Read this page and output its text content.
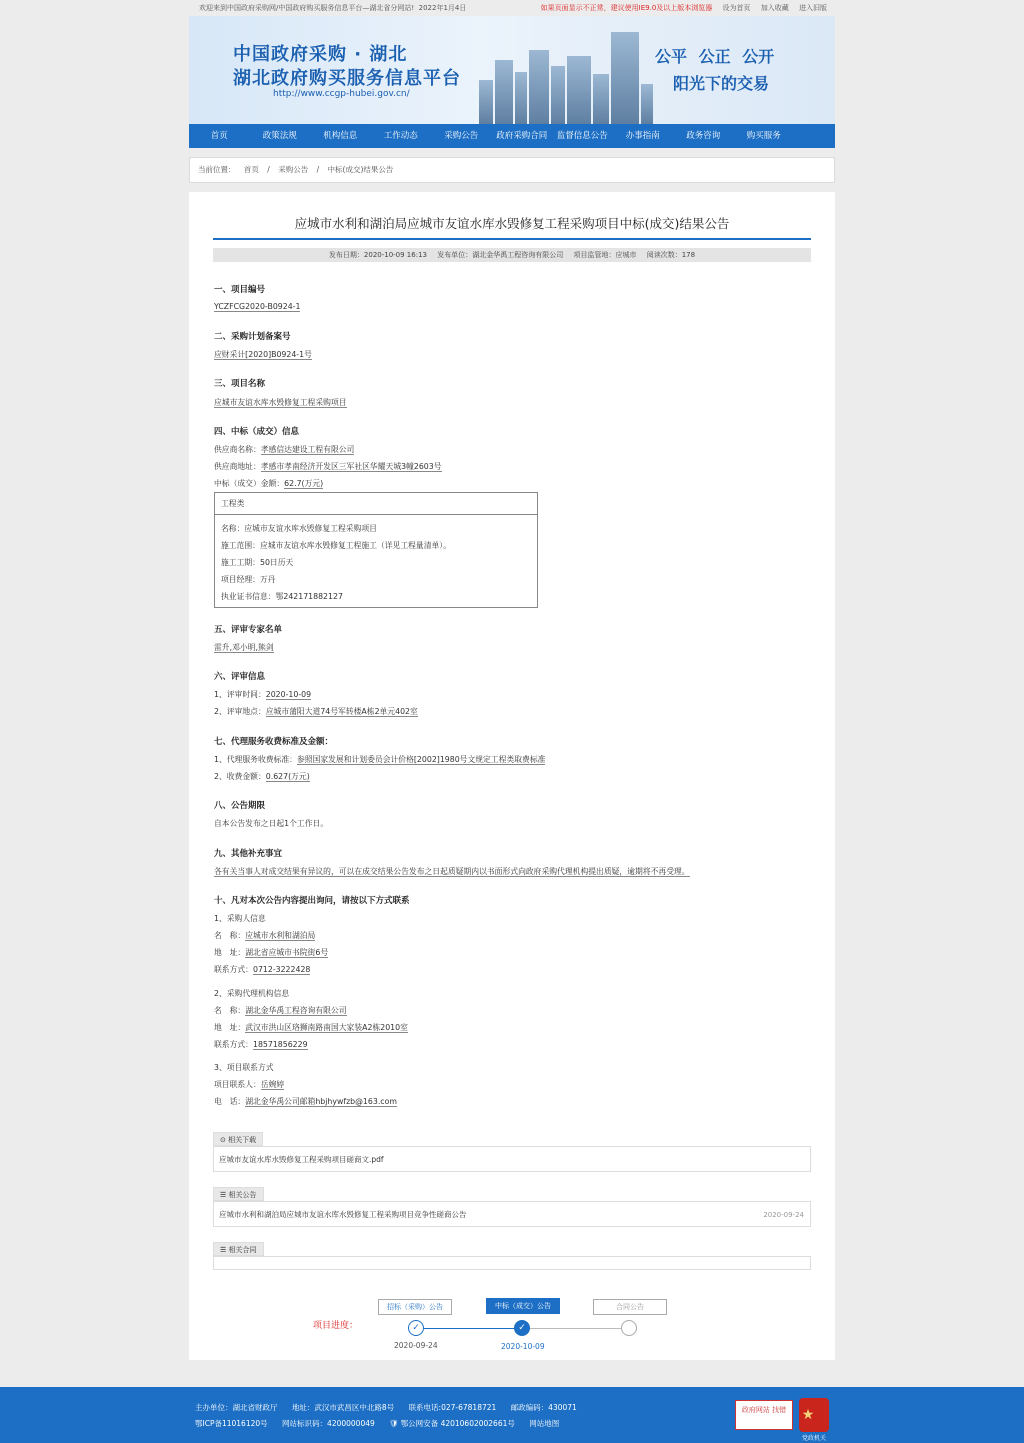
欢迎来到中国政府采购网/中国政府购买服务信息平台—湖北省分网站! 2022年1月4日	如果页面显示不正常，建议使用IE9.0及以上版本浏览器 设为首页 加入收藏 进入旧版
中国政府采购 · 湖北
湖北政府购买服务信息平台
http://www.ccgp-hubei.gov.cn/
公平 公正 公开
阳光下的交易
首页	政策法规	机构信息	工作动态	采购公告	政府采购合同	监督信息公告	办事指南	政务咨询	购买服务
当前位置： 首页 / 采购公告 / 中标(成交)结果公告
应城市水利和湖泊局应城市友谊水库水毁修复工程采购项目中标(成交)结果公告
发布日期：2020-10-09 16:13 发布单位：湖北金华禹工程咨询有限公司 项目监管地：应城市 阅读次数：178
一、项目编号
YCZFCG2020-B0924-1
二、采购计划备案号
应财采计[2020]B0924-1号
三、项目名称
应城市友谊水库水毁修复工程采购项目
四、中标（成交）信息
供应商名称：孝感信达建设工程有限公司
供应商地址：孝感市孝南经济开发区三军社区华耀天城3幢2603号
中标（成交）金额：62.7(万元)
工程类
名称：应城市友谊水库水毁修复工程采购项目
施工范围：应城市友谊水库水毁修复工程施工（详见工程量清单）。
施工工期：50日历天
项目经理：万丹
执业证书信息：鄂242171882127
五、评审专家名单
雷升,邓小明,熊剑
六、评审信息
1、评审时间：2020-10-09
2、评审地点：应城市蒲阳大道74号军转楼A栋2单元402室
七、代理服务收费标准及金额：
1、代理服务收费标准：参照国家发展和计划委员会计价格[2002]1980号文规定工程类取费标准
2、收费金额：0.627(万元)
八、公告期限
自本公告发布之日起1个工作日。
九、其他补充事宜
各有关当事人对成交结果有异议的，可以在成交结果公告发布之日起质疑期内以书面形式向政府采购代理机构提出质疑，逾期将不再受理。
十、凡对本次公告内容提出询问，请按以下方式联系
1、采购人信息
名　称：应城市水利和湖泊局
地　址：湖北省应城市书院街6号
联系方式：0712-3222428
2、采购代理机构信息
名　称：湖北金华禹工程咨询有限公司
地　址：武汉市洪山区珞狮南路南国大家装A2栋2010室
联系方式：18571856229
3、项目联系方式
项目联系人：岳婉婷
电　话：湖北金华禹公司邮箱hbjhywfzb@163.com
⊙ 相关下载
应城市友谊水库水毁修复工程采购项目磋商文.pdf
☰ 相关公告
应城市水利和湖泊局应城市友谊水库水毁修复工程采购项目竞争性磋商公告	2020-09-24
☰ 相关合同
项目进度：
招标（采购）公告	中标（成交）公告	合同公告
✓	✓
2020-09-24	2020-10-09
主办单位：湖北省财政厅 地址：武汉市武昌区中北路8号 联系电话:027-67818721 邮政编码：430071
鄂ICP备11016120号 网站标识码：4200000049 🛡 鄂公网安备 42010602002661号 网站地图
政府网站 找错	★
党政机关
